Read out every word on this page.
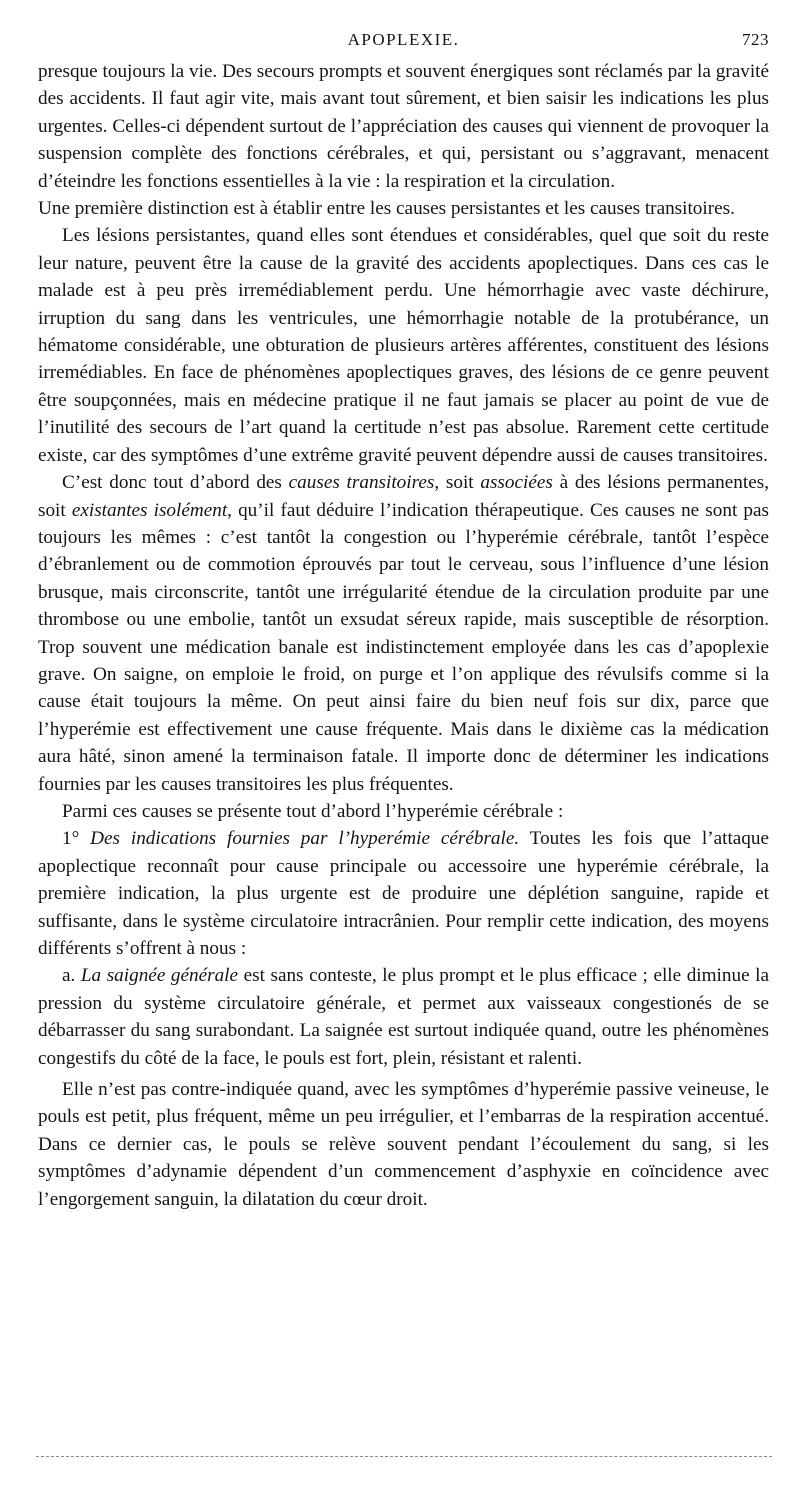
APOPLEXIE.	723

presque toujours la vie. Des secours prompts et souvent énergiques sont réclamés par la gravité des accidents. Il faut agir vite, mais avant tout sûrement, et bien saisir les indications les plus urgentes. Celles-ci dépendent surtout de l’appréciation des causes qui viennent de provoquer la suspension complète des fonctions cérébrales, et qui, persistant ou s’aggravant, menacent d’éteindre les fonctions essentielles à la vie : la respiration et la circulation.

Une première distinction est à établir entre les causes persistantes et les causes transitoires.

Les lésions persistantes, quand elles sont étendues et considérables, quel que soit du reste leur nature, peuvent être la cause de la gravité des accidents apoplectiques. Dans ces cas le malade est à peu près irremédiablement perdu. Une hémorrhagie avec vaste déchirure, irruption du sang dans les ventricules, une hémorrhagie notable de la protubérance, un hématome considérable, une obturation de plusieurs artères afférentes, constituent des lésions irremédiables. En face de phénomènes apoplectiques graves, des lésions de ce genre peuvent être soupçonnées, mais en médecine pratique il ne faut jamais se placer au point de vue de l’inutilité des secours de l’art quand la certitude n’est pas absolue. Rarement cette certitude existe, car des symptômes d’une extrême gravité peuvent dépendre aussi de causes transitoires.

C’est donc tout d’abord des causes transitoires, soit associées à des lésions permanentes, soit existantes isolément, qu’il faut déduire l’indication thérapeutique. Ces causes ne sont pas toujours les mêmes : c’est tantôt la congestion ou l’hyperémie cérébrale, tantôt l’espèce d’ébranlement ou de commotion éprouvés par tout le cerveau, sous l’influence d’une lésion brusque, mais circonscrite, tantôt une irrégularité étendue de la circulation produite par une thrombose ou une embolie, tantôt un exsudat séreux rapide, mais susceptible de résorption. Trop souvent une médication banale est indistinctement employée dans les cas d’apoplexie grave. On saigne, on emploie le froid, on purge et l’on applique des révulsifs comme si la cause était toujours la même. On peut ainsi faire du bien neuf fois sur dix, parce que l’hyperémie est effectivement une cause fréquente. Mais dans le dixième cas la médication aura hâté, sinon amené la terminaison fatale. Il importe donc de déterminer les indications fournies par les causes transitoires les plus fréquentes.

Parmi ces causes se présente tout d’abord l’hyperémie cérébrale :

1° Des indications fournies par l’hyperémie cérébrale. Toutes les fois que l’attaque apoplectique reconnaît pour cause principale ou accessoire une hyperémie cérébrale, la première indication, la plus urgente est de produire une déplétion sanguine, rapide et suffisante, dans le système circulatoire intracrânien. Pour remplir cette indication, des moyens différents s’offrent à nous :

a. La saignée générale est sans conteste, le plus prompt et le plus efficace ; elle diminue la pression du système circulatoire générale, et permet aux vaisseaux congestionés de se débarrasser du sang surabondant. La saignée est surtout indiquée quand, outre les phénomènes congestifs du côté de la face, le pouls est fort, plein, résistant et ralenti.

Elle n’est pas contre-indiquée quand, avec les symptômes d’hyperémie passive veineuse, le pouls est petit, plus fréquent, même un peu irrégulier, et l’embarras de la respiration accentué. Dans ce dernier cas, le pouls se relève souvent pendant l’écoulement du sang, si les symptômes d’adynamie dépendent d’un commencement d’asphyxie en coïncidence avec l’engorgement sanguin, la dilatation du cœur droit.
